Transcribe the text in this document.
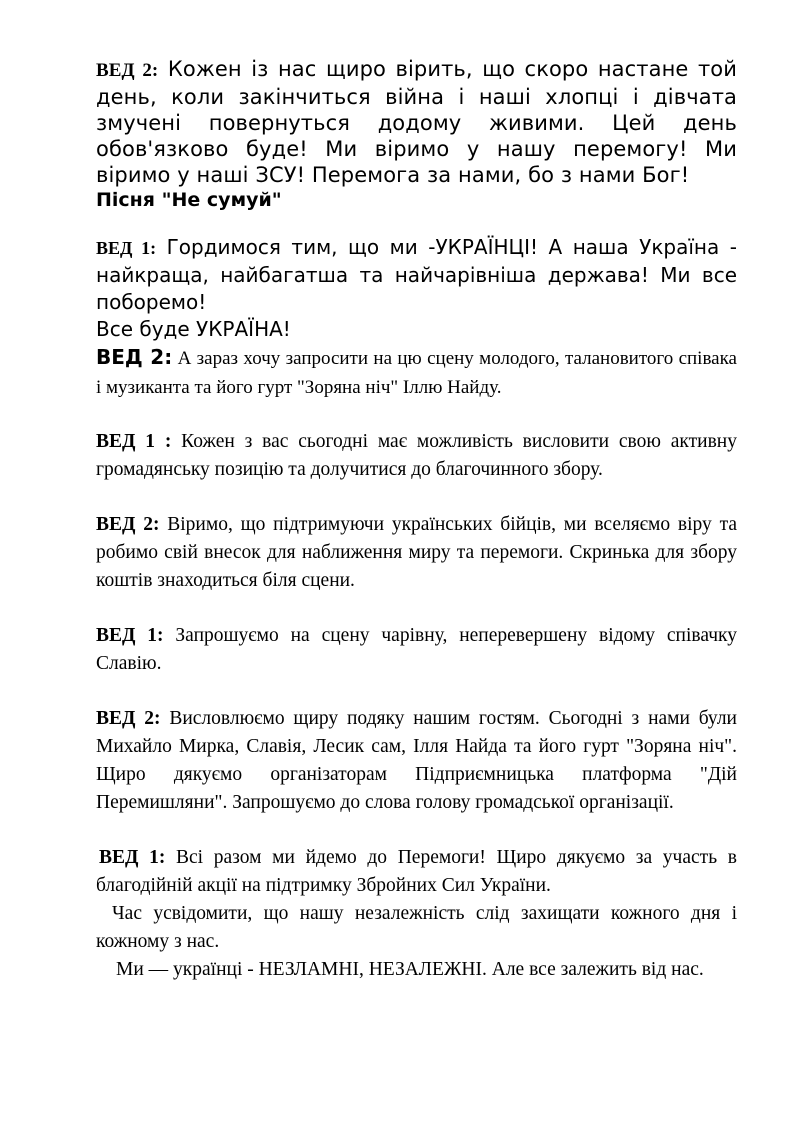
ВЕД 2: Кожен із нас щиро вірить, що скоро настане той день, коли закінчиться війна і наші хлопці і дівчата змучені повернуться додому живими. Цей день обов'язково буде! Ми віримо у нашу перемогу! Ми віримо у наші ЗСУ! Перемога за нами, бо з нами Бог!

Пісня "Не сумуй"

ВЕД 1: Гордимося тим, що ми -УКРАЇНЦІ! А наша Україна - найкраща, найбагатша та найчарівніша держава! Ми все поборемо!

Все буде УКРАЇНА!

ВЕД 2: А зараз хочу запросити на цю сцену молодого, талановитого співака і музиканта та його гурт "Зоряна ніч" Іллю Найду.

ВЕД 1 : Кожен з вас сьогодні має можливість висловити свою активну громадянську позицію та долучитися до благочинного збору.

ВЕД 2: Віримо, що підтримуючи українських бійців, ми вселяємо віру та робимо свій внесок для наближення миру та перемоги. Скринька для збору коштів знаходиться біля сцени.

ВЕД 1: Запрошуємо на сцену чарівну, неперевершену відому співачку Славію.

ВЕД 2: Висловлюємо щиру подяку нашим гостям. Сьогодні з нами були Михайло Мирка, Славія, Лесик сам, Ілля Найда та його гурт "Зоряна ніч". Щиро дякуємо організаторам Підприємницька платформа "Дій Перемишляни". Запрошуємо до слова голову громадської організації.

ВЕД 1: Всі разом ми йдемо до Перемоги! Щиро дякуємо за участь в благодійній акції на підтримку Збройних Сил України.

Час усвідомити, що нашу незалежність слід захищати кожного дня і кожному з нас.

Ми — українці - НЕЗЛАМНІ, НЕЗАЛЕЖНІ. Але все залежить від нас.
